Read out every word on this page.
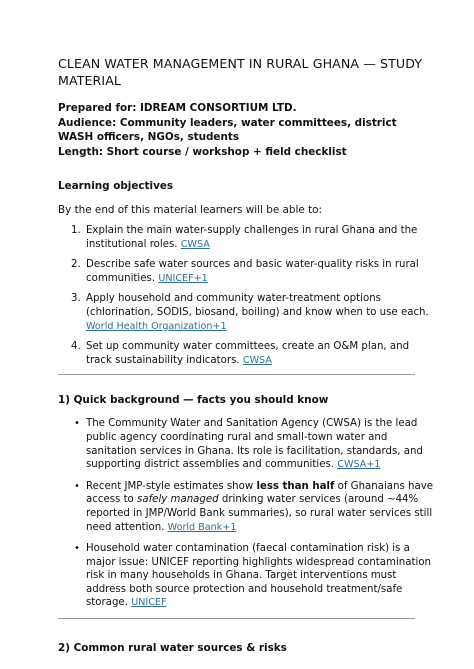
CLEAN WATER MANAGEMENT IN RURAL GHANA — STUDY MATERIAL
Prepared for: IDREAM CONSORTIUM LTD.
Audience: Community leaders, water committees, district WASH officers, NGOs, students
Length: Short course / workshop + field checklist
Learning objectives
By the end of this material learners will be able to:
1. Explain the main water-supply challenges in rural Ghana and the institutional roles. CWSA
2. Describe safe water sources and basic water-quality risks in rural communities. UNICEF+1
3. Apply household and community water-treatment options (chlorination, SODIS, biosand, boiling) and know when to use each. World Health Organization+1
4. Set up community water committees, create an O&M plan, and track sustainability indicators. CWSA
1) Quick background — facts you should know
• The Community Water and Sanitation Agency (CWSA) is the lead public agency coordinating rural and small-town water and sanitation services in Ghana. Its role is facilitation, standards, and supporting district assemblies and communities. CWSA+1
• Recent JMP-style estimates show less than half of Ghanaians have access to safely managed drinking water services (around ~44% reported in JMP/World Bank summaries), so rural water services still need attention. World Bank+1
• Household water contamination (faecal contamination risk) is a major issue: UNICEF reporting highlights widespread contamination risk in many households in Ghana. Target interventions must address both source protection and household treatment/safe storage. UNICEF
2) Common rural water sources & risks
